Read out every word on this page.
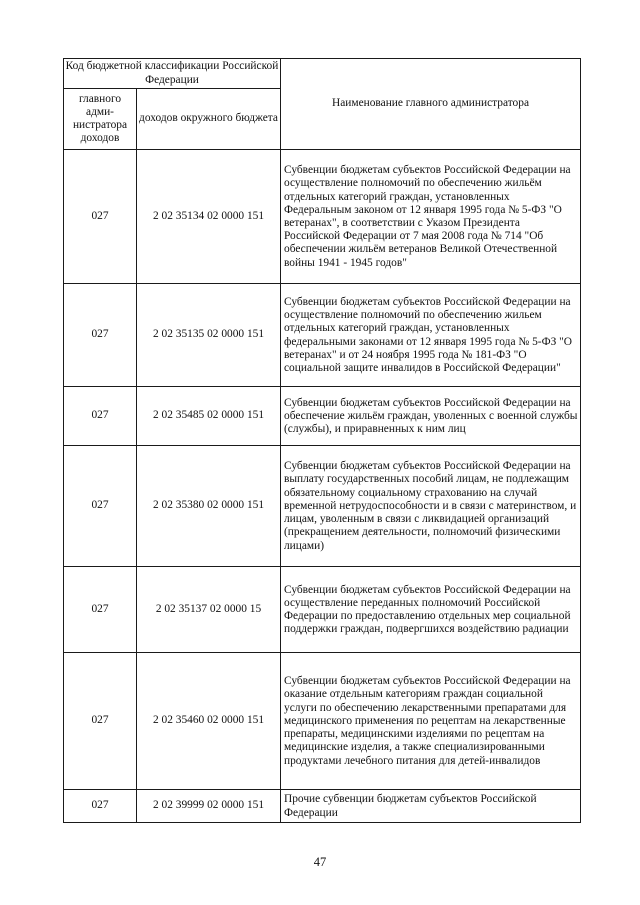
Код бюджетной классификации Российской Федерации		Наименование главного администратора
главного адми-нистратора доходов	доходов окружного бюджета	
027	2 02 35134 02 0000 151	Субвенции бюджетам субъектов Российской Федерации на осуществление полномочий по обеспечению жильём отдельных категорий граждан, установленных Федеральным законом от 12 января 1995 года № 5-ФЗ "О ветеранах", в соответствии с Указом Президента Российской Федерации от 7 мая 2008 года № 714 "Об обеспечении жильём ветеранов Великой Отечественной войны 1941 - 1945 годов"
027	2 02 35135 02 0000 151	Субвенции бюджетам субъектов Российской Федерации на осуществление полномочий по обеспечению жильем отдельных категорий граждан, установленных федеральными законами от 12 января 1995 года № 5-ФЗ "О ветеранах" и от 24 ноября 1995 года № 181-ФЗ "О социальной защите инвалидов в Российской Федерации"
027	2 02 35485 02 0000 151	Субвенции бюджетам субъектов Российской Федерации на обеспечение жильём граждан, уволенных с военной службы (службы), и приравненных к ним лиц
027	2 02 35380 02 0000 151	Субвенции бюджетам субъектов Российской Федерации на выплату государственных пособий лицам, не подлежащим обязательному социальному страхованию на случай временной нетрудоспособности и в связи с материнством, и лицам, уволенным в связи с ликвидацией организаций (прекращением деятельности, полномочий физическими лицами)
027	2 02 35137 02 0000 15	Субвенции бюджетам субъектов Российской Федерации на осуществление переданных полномочий Российской Федерации по предоставлению отдельных мер социальной поддержки граждан, подвергшихся воздействию радиации
027	2 02 35460 02 0000 151	Субвенции бюджетам субъектов Российской Федерации на оказание отдельным категориям граждан социальной услуги по обеспечению лекарственными препаратами для медицинского применения по рецептам на лекарственные препараты, медицинскими изделиями по рецептам на медицинские изделия, а также специализированными продуктами лечебного питания для детей-инвалидов
027	2 02 39999 02 0000 151	Прочие субвенции бюджетам субъектов Российской Федерации
47
